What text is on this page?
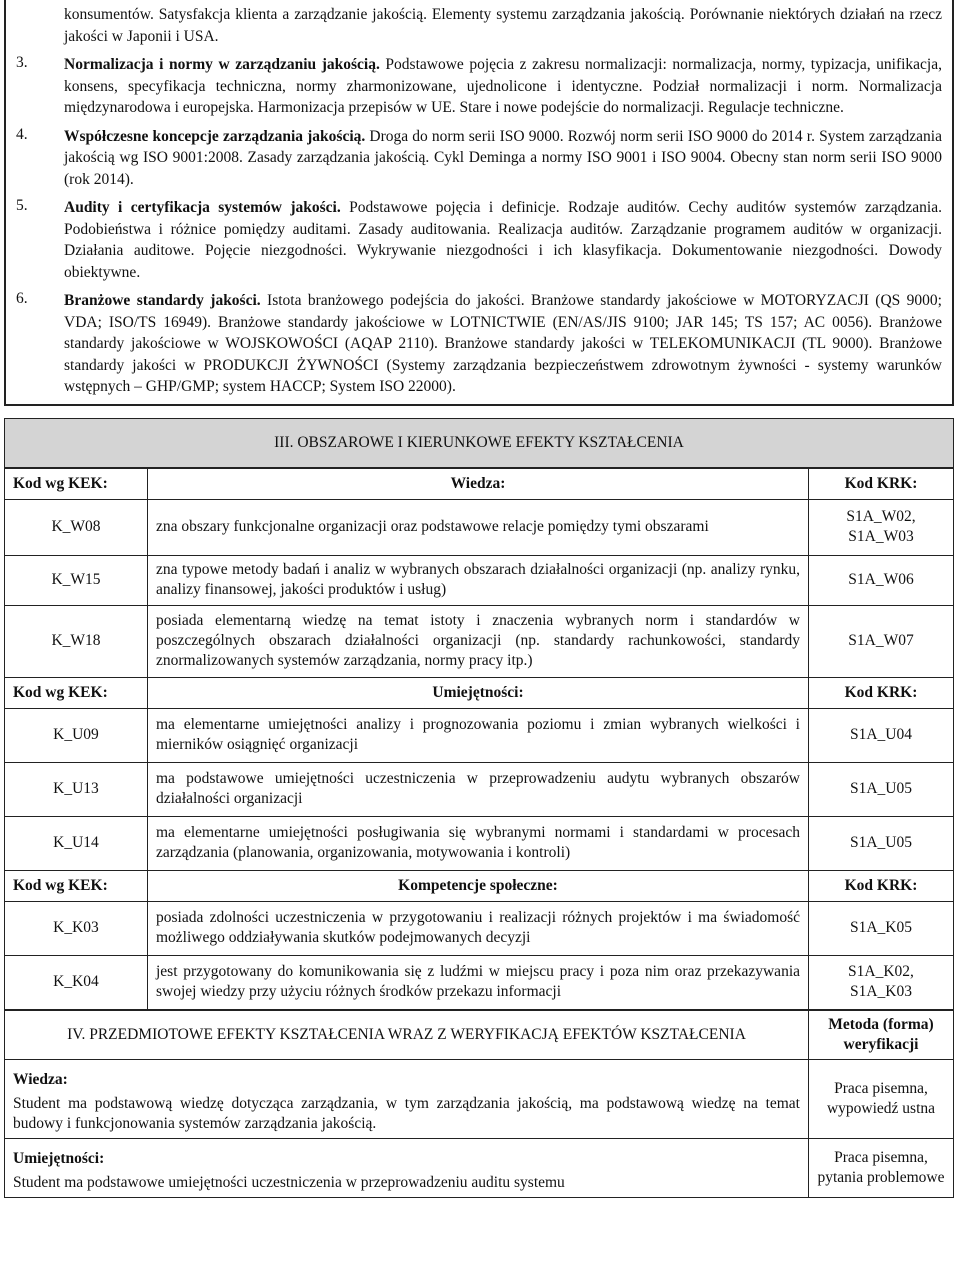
konsumentów. Satysfakcja klienta a zarządzanie jakością. Elementy systemu zarządzania jakością. Porównanie niektórych działań na rzecz jakości w Japonii i USA.

3.	Normalizacja i normy w zarządzaniu jakością. Podstawowe pojęcia z zakresu normalizacji: normalizacja, normy, typizacja, unifikacja, konsens, specyfikacja techniczna, normy zharmonizowane, ujednolicone i identyczne. Podział normalizacji i norm. Normalizacja międzynarodowa i europejska. Harmonizacja przepisów w UE. Stare i nowe podejście do normalizacji. Regulacje techniczne.
4.	Współczesne koncepcje zarządzania jakością. Droga do norm serii ISO 9000. Rozwój norm serii ISO 9000 do 2014 r. System zarządzania jakością wg ISO 9001:2008. Zasady zarządzania jakością. Cykl Deminga a normy ISO 9001 i ISO 9004. Obecny stan norm serii ISO 9000 (rok 2014).
5.	Audity i certyfikacja systemów jakości. Podstawowe pojęcia i definicje. Rodzaje auditów. Cechy auditów systemów zarządzania. Podobieństwa i różnice pomiędzy auditami. Zasady auditowania. Realizacja auditów. Zarządzanie programem auditów w organizacji. Działania auditowe. Pojęcie niezgodności. Wykrywanie niezgodności i ich klasyfikacja. Dokumentowanie niezgodności. Dowody obiektywne.
6.	Branżowe standardy jakości. Istota branżowego podejścia do jakości. Branżowe standardy jakościowe w MOTORYZACJI (QS 9000; VDA; ISO/TS 16949). Branżowe standardy jakościowe w LOTNICTWIE (EN/AS/JIS 9100; JAR 145; TS 157; AC 0056). Branżowe standardy jakościowe w WOJSKOWOŚCI (AQAP 2110). Branżowe standardy jakości w TELEKOMUNIKACJI (TL 9000). Branżowe standardy jakości w PRODUKCJI ŻYWNOŚCI (Systemy zarządzania bezpieczeństwem zdrowotnym żywności - systemy warunków wstępnych – GHP/GMP; system HACCP; System ISO 22000).
III. OBSZAROWE I KIERUNKOWE EFEKTY KSZTAŁCENIA
Kod wg KEK:	Wiedza:	Kod KRK:
K_W08	zna obszary funkcjonalne organizacji oraz podstawowe relacje pomiędzy tymi obszarami	S1A_W02,
S1A_W03

K_W15	zna typowe metody badań i analiz w wybranych obszarach działalności organizacji (np. analizy rynku, analizy finansowej, jakości produktów i usług)	S1A_W06

K_W18	posiada elementarną wiedzę na temat istoty i znaczenia wybranych norm i standardów w poszczególnych obszarach działalności organizacji (np. standardy rachunkowości, standardy znormalizowanych systemów zarządzania, normy pracy itp.)	S1A_W07

Kod wg KEK:	Umiejętności:	Kod KRK:
K_U09	ma elementarne umiejętności analizy i prognozowania poziomu i zmian wybranych wielkości i mierników osiągnięć organizacji	S1A_U04

K_U13	ma podstawowe umiejętności uczestniczenia w przeprowadzeniu audytu wybranych obszarów działalności organizacji	S1A_U05

K_U14	ma elementarne umiejętności posługiwania się wybranymi normami i standardami w procesach zarządzania (planowania, organizowania, motywowania i kontroli)	S1A_U05

Kod wg KEK:	Kompetencje społeczne:	Kod KRK:
K_K03	posiada zdolności uczestniczenia w przygotowaniu i realizacji różnych projektów i ma świadomość możliwego oddziaływania skutków podejmowanych decyzji	S1A_K05

K_K04	jest przygotowany do komunikowania się z ludźmi w miejscu pracy i poza nim oraz przekazywania swojej wiedzy przy użyciu różnych środków przekazu informacji	S1A_K02,
S1A_K03
IV. PRZEDMIOTOWE EFEKTY KSZTAŁCENIA WRAZ Z WERYFIKACJĄ EFEKTÓW KSZTAŁCENIA	Metoda (forma) weryfikacji

Wiedza:
Student ma podstawową wiedzę dotycząca zarządzania, w tym zarządzania jakością, ma podstawową wiedzę na temat budowy i funkcjonowania systemów zarządzania jakością.	Praca pisemna, wypowiedź ustna

Umiejętności:
Student ma podstawowe umiejętności uczestniczenia w przeprowadzeniu auditu systemu	Praca pisemna, pytania problemowe
